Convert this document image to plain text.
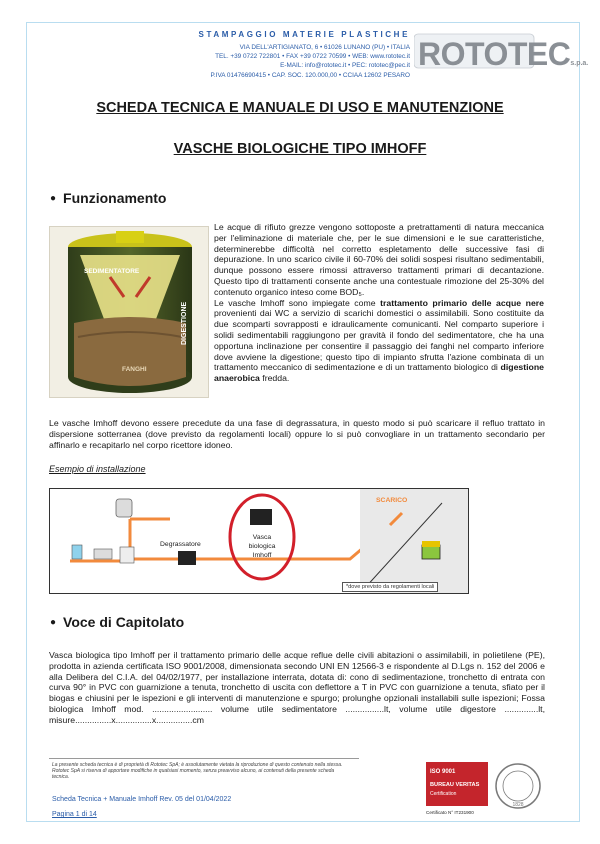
STAMPAGGIO MATERIE PLASTICHE
VIA DELL'ARTIGIANATO, 6 • 61026 LUNANO (PU) • ITALIA
TEL. +39 0722 722801 • FAX +39 0722 70599 • WEB: www.rototec.it
E-MAIL: info@rototec.it • PEC: rototec@pec.it
P.IVA 01476690415 • CAP. SOC. 120.000,00 • CCIAA 12602 PESARO
ROTOTECs.p.a.
SCHEDA TECNICA E MANUALE DI USO E MANUTENZIONE
VASCHE BIOLOGICHE TIPO IMHOFF
● Funzionamento
SEDIMENTATORE
FANGHI
DIGESTIONE

Le acque di rifiuto grezze vengono sottoposte a pretrattamenti di natura meccanica per l'eliminazione di materiale che, per le sue dimensioni e le sue caratteristiche, determinerebbe difficoltà nel corretto espletamento delle successive fasi di depurazione. In uno scarico civile il 60-70% dei solidi sospesi risultano sedimentabili, dunque possono essere rimossi attraverso trattamenti primari di decantazione. Questo tipo di trattamenti consente anche una contestuale rimozione del 25-30% del contenuto organico inteso come BOD₅.

Le vasche Imhoff sono impiegate come trattamento primario delle acque nere provenienti dai WC a servizio di scarichi domestici o assimilabili. Sono costituite da due scomparti sovrapposti e idraulicamente comunicanti. Nel comparto superiore i solidi sedimentabili raggiungono per gravità il fondo del sedimentatore, che ha una opportuna inclinazione per consentire il passaggio dei fanghi nel comparto inferiore dove avviene la digestione; questo tipo di impianto sfrutta l'azione combinata di un trattamento meccanico di sedimentazione e di un trattamento biologico di digestione anaerobica fredda.

Le vasche Imhoff devono essere precedute da una fase di degrassatura, in questo modo si può scaricare il refluo trattato in dispersione sotterranea (dove previsto da regolamenti locali) oppure lo si può convogliare in un trattamento secondario per affinarlo e recapitarlo nel corpo ricettore idoneo.
Esempio di installazione
Degrassatore
Vasca
biologica
Imhoff
SCARICO
*dove previsto da regolamenti locali
● Voce di Capitolato
Vasca biologica tipo Imhoff per il trattamento primario delle acque reflue delle civili abitazioni o assimilabili, in polietilene (PE), prodotta in azienda certificata ISO 9001/2008, dimensionata secondo UNI EN 12566-3 e rispondente al D.Lgs n. 152 del 2006 e alla Delibera del C.I.A. del 04/02/1977, per installazione interrata, dotata di: cono di sedimentazione, tronchetto di entrata con curva 90° in PVC con guarnizione a tenuta, tronchetto di uscita con deflettore a T in PVC con guarnizione a tenuta, sfiato per il biogas e chiusini per le ispezioni e gli interventi di manutenzione e spurgo; prolunghe opzionali installabili sulle ispezioni; Fossa biologica Imhoff mod. ......................... volume utile sedimentatore ................lt, volume utile digestore ..............lt, misure...............x...............x...............cm
La presente scheda tecnica è di proprietà di Rototec SpA; è assolutamente vietata la riproduzione di questo contenuto nella stessa. Rototec SpA si riserva di apportare modifiche in qualsiasi momento, senza preavviso alcuno, ai contenuti della presente scheda tecnica.
Scheda Tecnica + Manuale Imhoff Rev. 05 del 01/04/2022
Pagina 1 di 14
ISO 9001
BUREAU VERITAS
Certification
1828
Certificato N° IT231900
